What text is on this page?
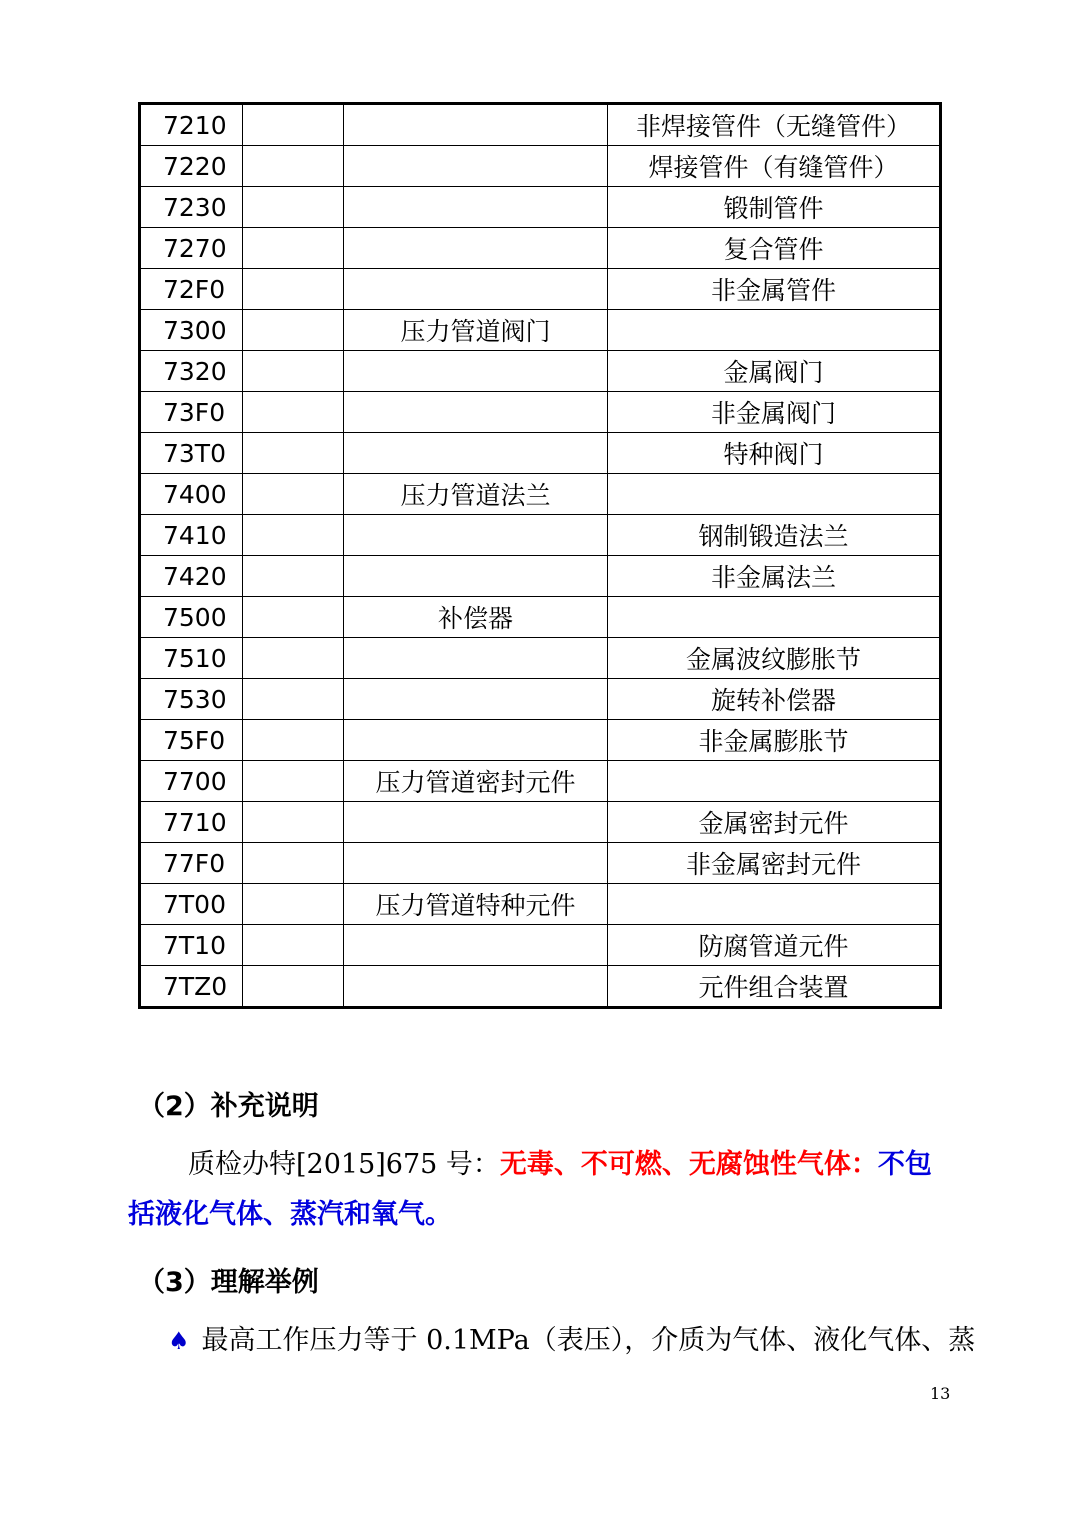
7210			非焊接管件（无缝管件）
7220			焊接管件（有缝管件）
7230			锻制管件
7270			复合管件
72F0			非金属管件
7300		压力管道阀门	
7320			金属阀门
73F0			非金属阀门
73T0			特种阀门
7400		压力管道法兰	
7410			钢制锻造法兰
7420			非金属法兰
7500		补偿器	
7510			金属波纹膨胀节
7530			旋转补偿器
75F0			非金属膨胀节
7700		压力管道密封元件	
7710			金属密封元件
77F0			非金属密封元件
7T00		压力管道特种元件	
7T10			防腐管道元件
7TZ0			元件组合装置
（2）补充说明

质检办特[2015]675 号：无毒、不可燃、无腐蚀性气体：不包括液化气体、蒸汽和氧气。

（3）理解举例
♠ 最高工作压力等于 0.1MPa（表压），介质为气体、液化气体、蒸
13
